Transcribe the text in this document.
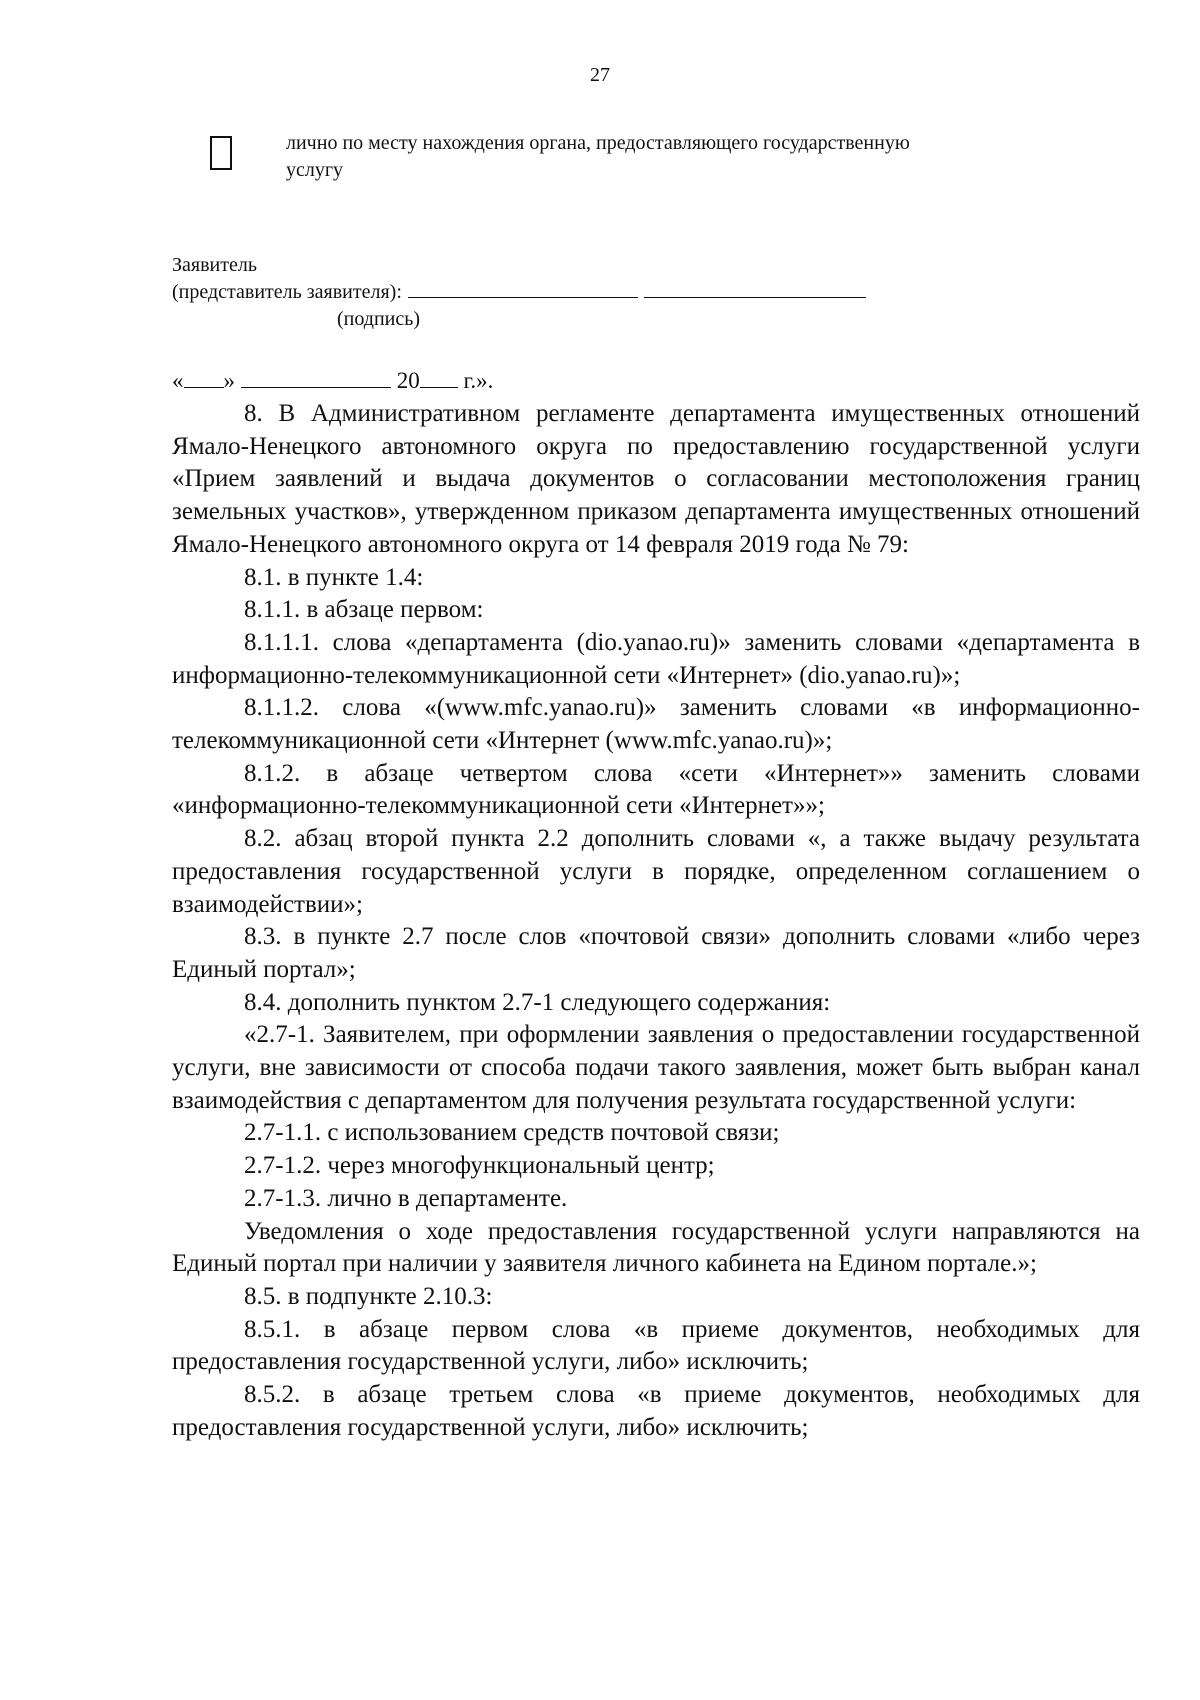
27
лично по месту нахождения органа, предоставляющего государственную
услугу
Заявитель
(представитель заявителя):
(подпись)
« »	20 г.».

8. В Административном регламенте департамента имущественных отношений Ямало-Ненецкого автономного округа по предоставлению государственной услуги «Прием заявлений и выдача документов о согласовании местоположения границ земельных участков», утвержденном приказом департамента имущественных отношений Ямало-Ненецкого автономного округа от 14 февраля 2019 года № 79:

8.1. в пункте 1.4:

8.1.1. в абзаце первом:

8.1.1.1. слова «департамента (dio.yanao.ru)» заменить словами «департамента в информационно-телекоммуникационной сети «Интернет» (dio.yanao.ru)»;

8.1.1.2. слова «(www.mfc.yanao.ru)» заменить словами «в информационно-телекоммуникационной сети «Интернет (www.mfc.yanao.ru)»;

8.1.2. в абзаце четвертом слова «сети «Интернет»» заменить словами «информационно-телекоммуникационной сети «Интернет»»;

8.2. абзац второй пункта 2.2 дополнить словами «, а также выдачу результата предоставления государственной услуги в порядке, определенном соглашением о взаимодействии»;

8.3. в пункте 2.7 после слов «почтовой связи» дополнить словами «либо через Единый портал»;

8.4. дополнить пунктом 2.7-1 следующего содержания:

«2.7-1. Заявителем, при оформлении заявления о предоставлении государственной услуги, вне зависимости от способа подачи такого заявления, может быть выбран канал взаимодействия с департаментом для получения результата государственной услуги:

2.7-1.1. с использованием средств почтовой связи;

2.7-1.2. через многофункциональный центр;

2.7-1.3. лично в департаменте.

Уведомления о ходе предоставления государственной услуги направляются на Единый портал при наличии у заявителя личного кабинета на Едином портале.»;

8.5. в подпункте 2.10.3:

8.5.1. в абзаце первом слова «в приеме документов, необходимых для предоставления государственной услуги, либо» исключить;

8.5.2. в абзаце третьем слова «в приеме документов, необходимых для предоставления государственной услуги, либо» исключить;
